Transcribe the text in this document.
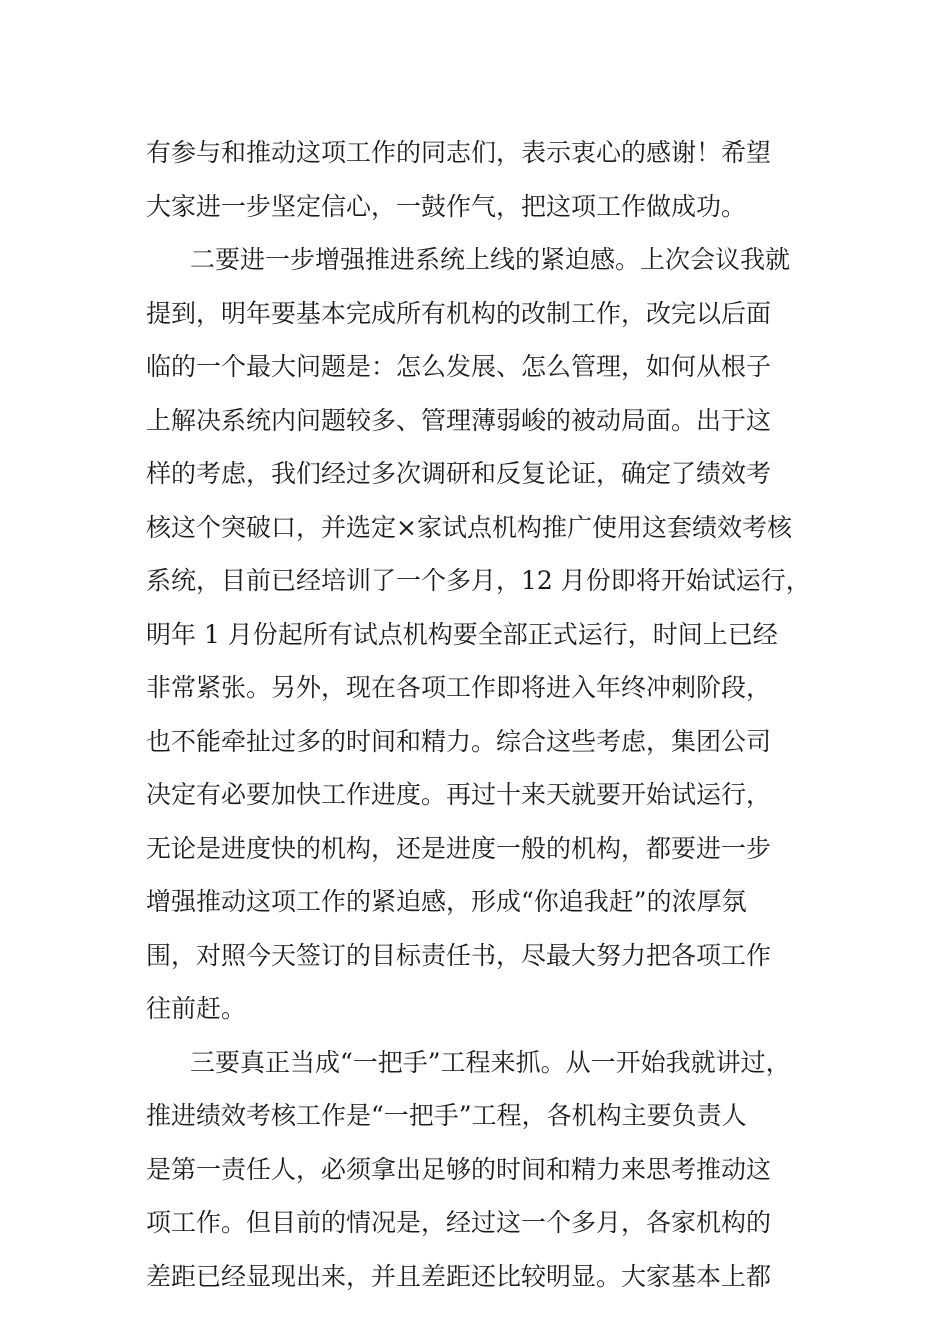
有参与和推动这项工作的同志们，表示衷心的感谢！希望
大家进一步坚定信心，一鼓作气，把这项工作做成功。
二要进一步增强推进系统上线的紧迫感。上次会议我就
提到，明年要基本完成所有机构的改制工作，改完以后面
临的一个最大问题是：怎么发展、怎么管理，如何从根子
上解决系统内问题较多、管理薄弱峻的被动局面。出于这
样的考虑，我们经过多次调研和反复论证，确定了绩效考
核这个突破口，并选定×家试点机构推广使用这套绩效考核
系统，目前已经培训了一个多月，12 月份即将开始试运行，
明年 1 月份起所有试点机构要全部正式运行，时间上已经
非常紧张。另外，现在各项工作即将进入年终冲刺阶段，
也不能牵扯过多的时间和精力。综合这些考虑，集团公司
决定有必要加快工作进度。再过十来天就要开始试运行，
无论是进度快的机构，还是进度一般的机构，都要进一步
增强推动这项工作的紧迫感，形成“你追我赶”的浓厚氛
围，对照今天签订的目标责任书，尽最大努力把各项工作
往前赶。
三要真正当成“一把手”工程来抓。从一开始我就讲过，
推进绩效考核工作是“一把手”工程，各机构主要负责人
是第一责任人，必须拿出足够的时间和精力来思考推动这
项工作。但目前的情况是，经过这一个多月，各家机构的
差距已经显现出来，并且差距还比较明显。大家基本上都
